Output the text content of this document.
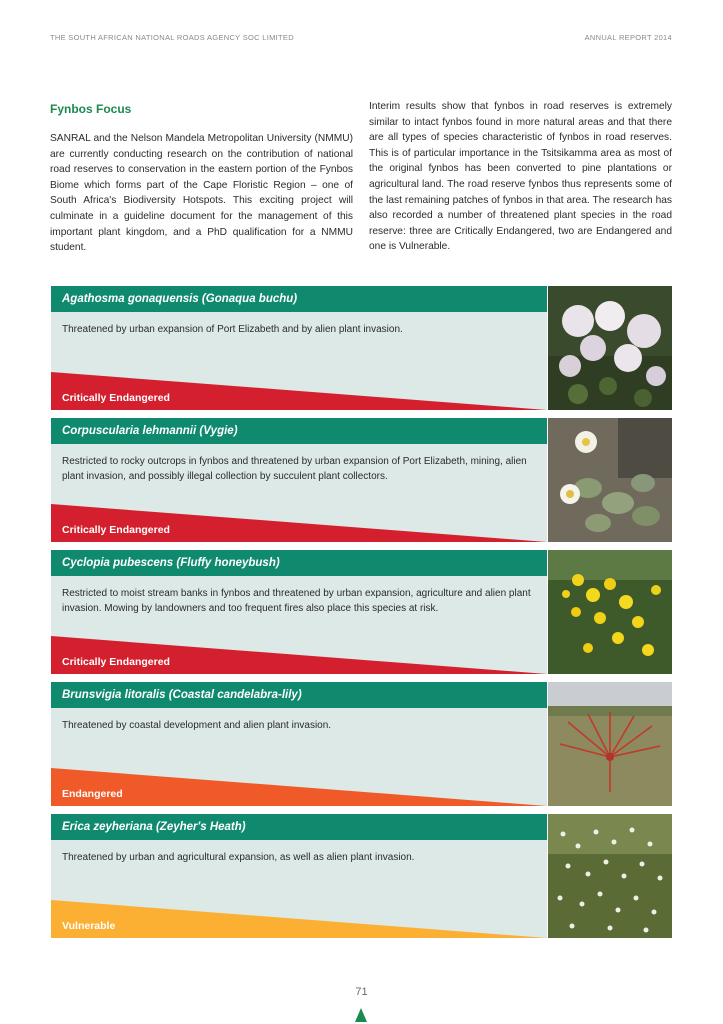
THE SOUTH AFRICAN NATIONAL ROADS AGENCY SOC LIMITED	ANNUAL REPORT 2014
Fynbos Focus

SANRAL and the Nelson Mandela Metropolitan University (NMMU) are currently conducting research on the contribution of national road reserves to conservation in the eastern portion of the Fynbos Biome which forms part of the Cape Floristic Region – one of South Africa's Biodiversity Hotspots. This exciting project will culminate in a guideline document for the management of this important plant kingdom, and a PhD qualification for a NMMU student.

Interim results show that fynbos in road reserves is extremely similar to intact fynbos found in more natural areas and that there are all types of species characteristic of fynbos in road reserves. This is of particular importance in the Tsitsikamma area as most of the original fynbos has been converted to pine plantations or agricultural land. The road reserve fynbos thus represents some of the last remaining patches of fynbos in that area. The research has also recorded a number of threatened plant species in the road reserve: three are Critically Endangered, two are Endangered and one is Vulnerable.

Agathosma gonaquensis (Gonaqua buchu)
Threatened by urban expansion of Port Elizabeth and by alien plant invasion.
Critically Endangered
Corpuscularia lehmannii (Vygie)
Restricted to rocky outcrops in fynbos and threatened by urban expansion of Port Elizabeth, mining, alien plant invasion, and possibly illegal collection by succulent plant collectors.
Critically Endangered
Cyclopia pubescens (Fluffy honeybush)
Restricted to moist stream banks in fynbos and threatened by urban expansion, agriculture and alien plant invasion. Mowing by landowners and too frequent fires also place this species at risk.
Critically Endangered
Brunsvigia litoralis (Coastal candelabra-lily)
Threatened by coastal development and alien plant invasion.
Endangered
Erica zeyheriana (Zeyher's Heath)
Threatened by urban and agricultural expansion, as well as alien plant invasion.
Vulnerable
71
